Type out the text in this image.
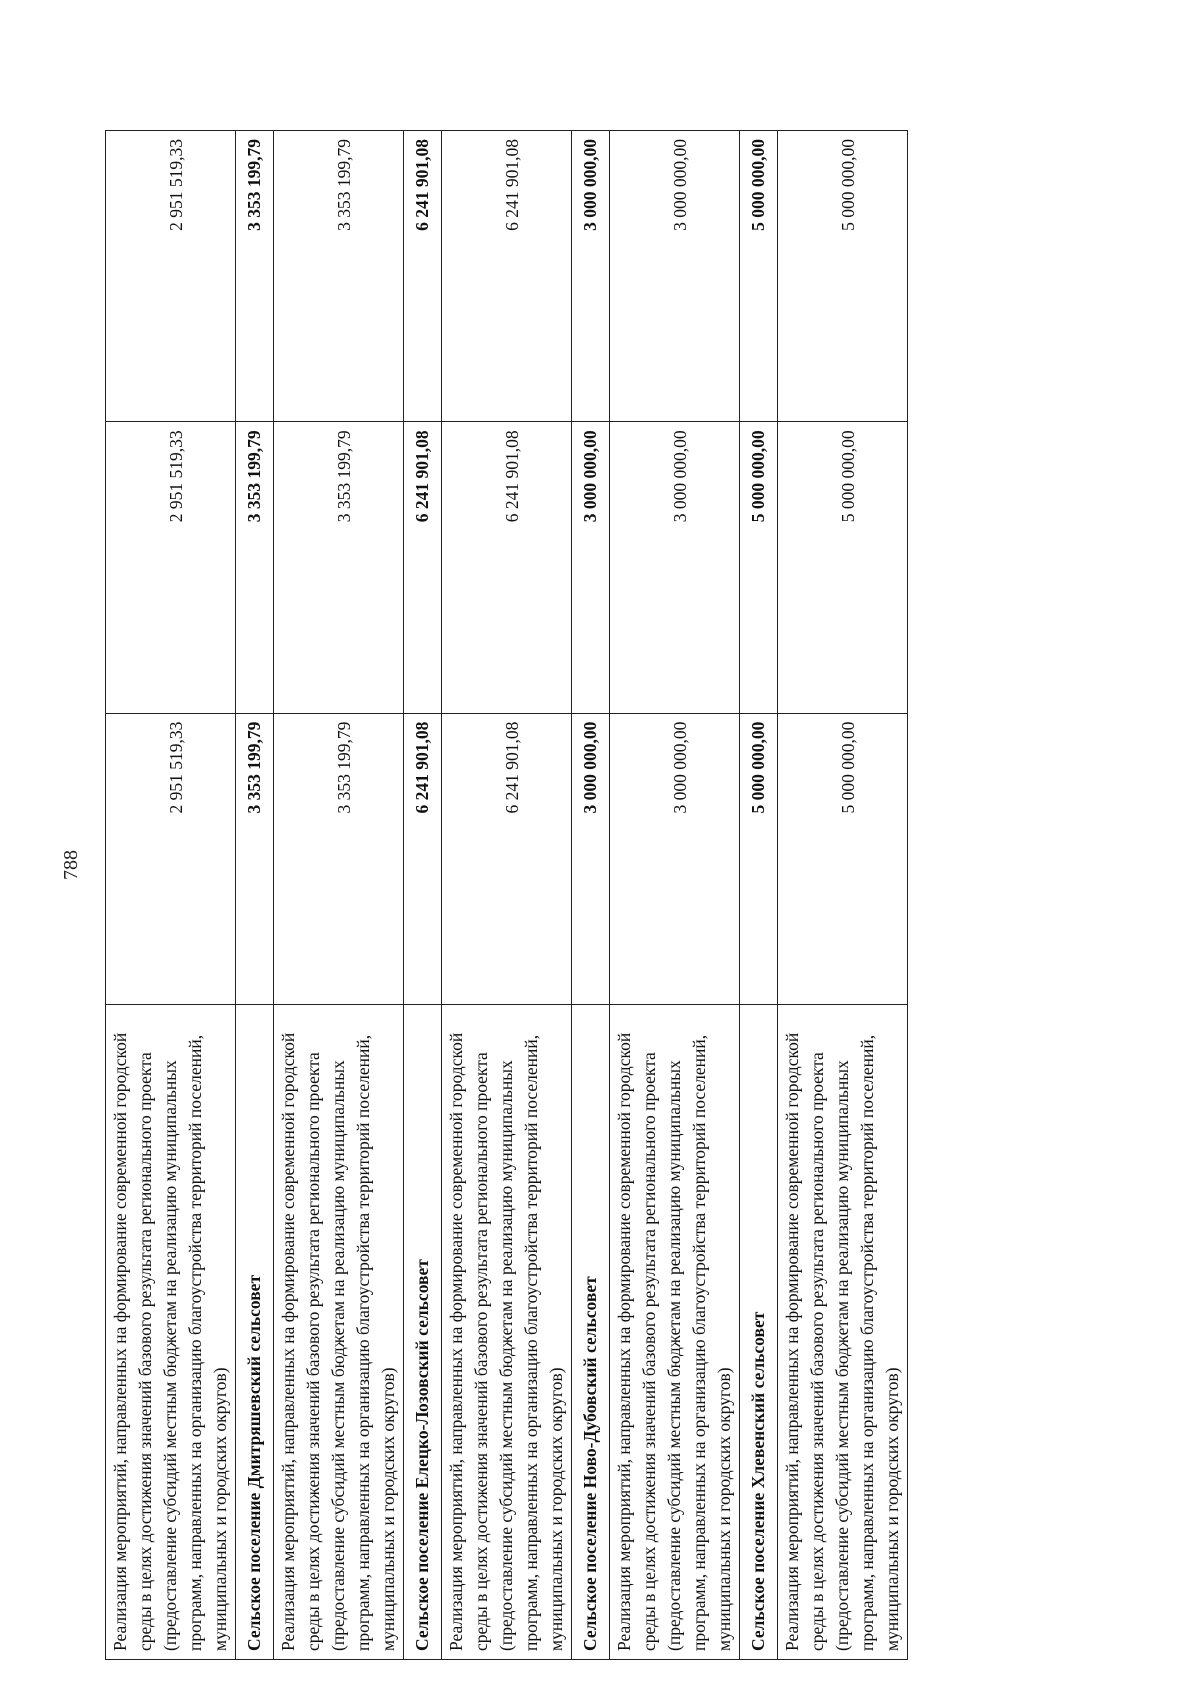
788
Реализация мероприятий, направленных на формирование современной городской среды в целях достижения значений базового результата регионального проекта (предоставление субсидий местным бюджетам на реализацию муниципальных программ, направленных на организацию благоустройства территорий поселений, муниципальных и городских округов)	2 951 519,33	2 951 519,33	2 951 519,33
Сельское поселение Дмитряшевский сельсовет	3 353 199,79	3 353 199,79	3 353 199,79
Реализация мероприятий, направленных на формирование современной городской среды в целях достижения значений базового результата регионального проекта (предоставление субсидий местным бюджетам на реализацию муниципальных программ, направленных на организацию благоустройства территорий поселений, муниципальных и городских округов)	3 353 199,79	3 353 199,79	3 353 199,79
Сельское поселение Елецко-Лозовский сельсовет	6 241 901,08	6 241 901,08	6 241 901,08
Реализация мероприятий, направленных на формирование современной городской среды в целях достижения значений базового результата регионального проекта (предоставление субсидий местным бюджетам на реализацию муниципальных программ, направленных на организацию благоустройства территорий поселений, муниципальных и городских округов)	6 241 901,08	6 241 901,08	6 241 901,08
Сельское поселение Ново-Дубовский сельсовет	3 000 000,00	3 000 000,00	3 000 000,00
Реализация мероприятий, направленных на формирование современной городской среды в целях достижения значений базового результата регионального проекта (предоставление субсидий местным бюджетам на реализацию муниципальных программ, направленных на организацию благоустройства территорий поселений, муниципальных и городских округов)	3 000 000,00	3 000 000,00	3 000 000,00
Сельское поселение Хлевенский сельсовет	5 000 000,00	5 000 000,00	5 000 000,00
Реализация мероприятий, направленных на формирование современной городской среды в целях достижения значений базового результата регионального проекта (предоставление субсидий местным бюджетам на реализацию муниципальных программ, направленных на организацию благоустройства территорий поселений, муниципальных и городских округов)	5 000 000,00	5 000 000,00	5 000 000,00
